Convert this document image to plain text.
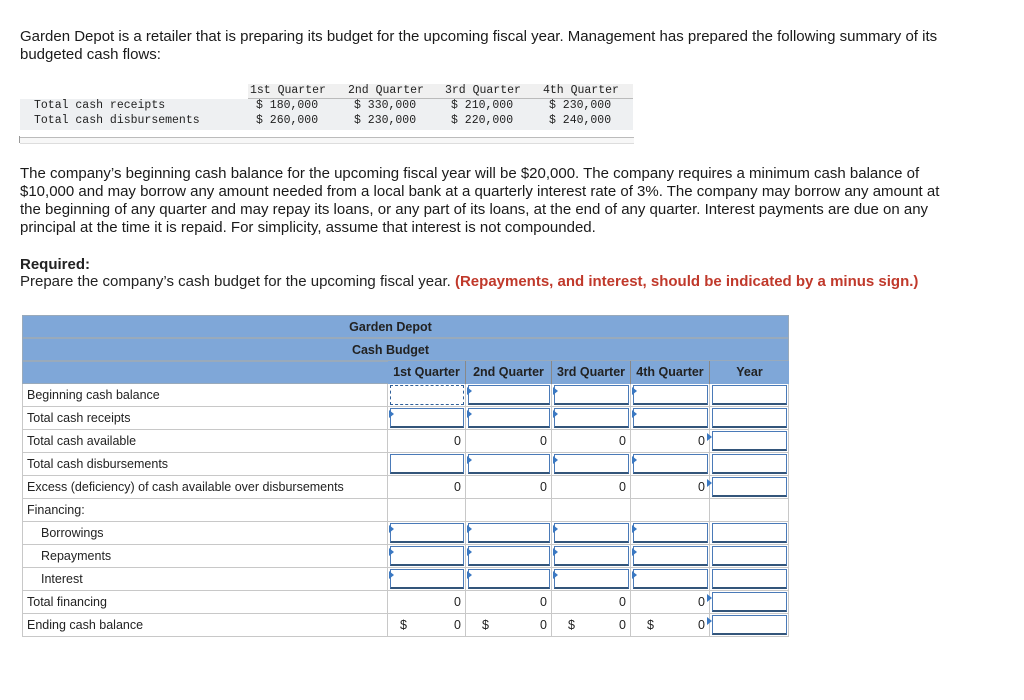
Garden Depot is a retailer that is preparing its budget for the upcoming fiscal year. Management has prepared the following summary of its budgeted cash flows:
1st Quarter 2nd Quarter 3rd Quarter 4th Quarter
Total cash receipts	$ 180,000	$ 330,000	$ 210,000	$ 230,000
Total cash disbursements	$ 260,000	$ 230,000	$ 220,000	$ 240,000
The company’s beginning cash balance for the upcoming fiscal year will be $20,000. The company requires a minimum cash balance of $10,000 and may borrow any amount needed from a local bank at a quarterly interest rate of 3%. The company may borrow any amount at the beginning of any quarter and may repay its loans, or any part of its loans, at the end of any quarter. Interest payments are due on any principal at the time it is repaid. For simplicity, assume that interest is not compounded.
Required:
Prepare the company’s cash budget for the upcoming fiscal year. (Repayments, and interest, should be indicated by a minus sign.)
Garden Depot
Cash Budget
1st Quarter	2nd Quarter	3rd Quarter 4th Quarter	Year
Beginning cash balance
Total cash receipts
Total cash available	0	0	0	0
Total cash disbursements
Excess (deficiency) of cash available over disbursements	0	0	0	0
Financing:
Borrowings
Repayments
Interest
Total financing	0	0	0	0
Ending cash balance	$	0 $	0 $	0 $	0
